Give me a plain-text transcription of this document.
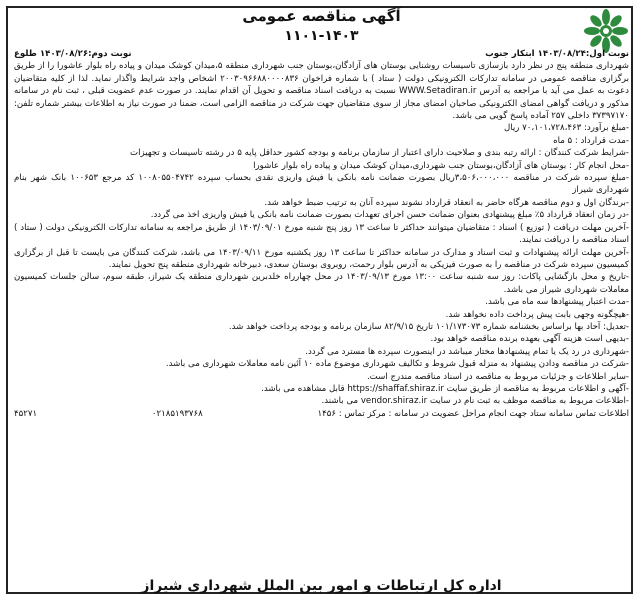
آگهی مناقصه عمومی
۱۱۰۱-۱۴۰۳
نوبت اول:۱۴۰۳/۰۸/۲۴ ابتکار جنوب
نوبت دوم:۱۴۰۳/۰۸/۲۶ طلوع

شهرداری منطقه پنج در نظر دارد بازسازی تاسیسات روشنایی بوستان های آزادگان،بوستان جنب شهرداری منطقه ۵،میدان کوشک میدان و پیاده راه بلوار عاشورا را از طریق برگزاری مناقصه عمومی در سامانه تدارکات الکترونیکی دولت ( ستاد ) با شماره فراخوان ۲۰۰۳۰۹۶۶۸۸۰۰۰۰۸۳۶ اشخاص واجد شرایط واگذار نماید. لذا از کلیه متقاضیان دعوت به عمل می آید با مراجعه به آدرس WWW.Setadiran.ir نسبت به دریافت اسناد مناقصه و تحویل آن اقدام نمایند. در صورت عدم عضویت قبلی ، ثبت نام در سامانه مذکور و دریافت گواهی امضای الکترونیکی صاحبان امضای مجاز از سوی متقاضیان جهت شرکت در مناقصه الزامی است، ضمنا در صورت نیاز به اطلاعات بیشتر شماره تلفن: ۳۷۳۹۷۱۷۰ داخلی ۲۵۷ آماده پاسخ گویی می باشد.

-مبلغ برآورد: ۷۰،۱۰۱،۷۲۸،۴۶۳ ریال

-مدت قرارداد : ۵ ماه

-شرایط شرکت کنندگان : ارائه رتبه بندی و صلاحیت دارای اعتبار از سازمان برنامه و بودجه کشور حداقل پایه ۵ در رشته تاسیسات و تجهیزات

-محل انجام کار : بوستان های آزادگان،بوستان جنب شهرداری،میدان کوشک میدان و پیاده راه بلوار عاشورا

-مبلغ سپرده شرکت در مناقصه ۳،۵۰۶،۰۰۰،۰۰۰ریال بصورت ضمانت نامه بانکی یا فیش واریزی نقدی بحساب سپرده ۱۰۰۸۰۵۵۰۴۷۴۲ کد مرجع ۱۰۰۶۵۳ بانک شهر بنام شهرداری شیراز

-برندگان اول و دوم مناقصه هرگاه حاضر به انعقاد قرارداد نشوند سپرده آنان به ترتیب ضبط خواهد شد.

-در زمان انعقاد قرارداد ۵٪ مبلغ پیشنهادی بعنوان ضمانت حسن اجرای تعهدات بصورت ضمانت نامه بانکی یا فیش واریزی اخذ می گردد.

-آخرین مهلت دریافت ( توزیع ) اسناد : متقاضیان میتوانند حداکثر تا ساعت ۱۳ روز پنج شنبه مورخ ۱۴۰۳/۰۹/۰۱ از طریق مراجعه به سامانه تدارکات الکترونیکی دولت ( ستاد ) اسناد مناقصه را دریافت نمایند.

-آخرین مهلت ارائه پیشنهادات و ثبت اسناد و مدارک در سامانه حداکثر تا ساعت ۱۳ روز یکشنبه مورخ ۱۴۰۳/۰۹/۱۱ می باشد، شرکت کنندگان می بایست تا قبل از برگزاری کمیسیون سپرده شرکت در مناقصه را به صورت فیزیکی به آدرس بلوار رحمت، روبروی بوستان سعدی، دبیرخانه شهرداری منطقه پنج تحویل نمایند.

-تاریخ و محل بازگشایی پاکات: روز سه شنبه ساعت ۱۳:۰۰ مورخ ۱۴۰۳/۰۹/۱۳ در محل چهارراه خلدبرین شهرداری منطقه یک شیراز، طبقه سوم، سالن جلسات کمیسیون معاملات شهرداری شیراز می باشد.

-مدت اعتبار پیشنهادها سه ماه می باشد.

-هیچگونه وجهی بابت پیش پرداخت داده نخواهد شد.

-تعدیل: آحاد بها براساس بخشنامه شماره ۱۰۱/۱۷۳۰۷۳ تاریخ ۸۲/۹/۱۵ سازمان برنامه و بودجه پرداخت خواهد شد.

-بدیهی است هزینه آگهی بعهده برنده مناقصه خواهد بود.

-شهرداری در رد یک یا تمام پیشنهادها مختار میباشد در اینصورت سپرده ها مسترد می گردد.

-شرکت در مناقصه ودادن پیشنهاد به منزله قبول شروط و تکالیف شهرداری موضوع ماده ۱۰ آئین نامه معاملات شهرداری می باشد.

-سایر اطلاعات و جزئیات مربوط به مناقصه در اسناد مناقصه مندرج است.

-آگهی و اطلاعات مربوط به مناقصه از طریق سایت https://shaffaf.shiraz.ir قابل مشاهده می باشد.

-اطلاعات مربوط به مناقصه موظف به ثبت نام در سایت vendor.shiraz.ir می باشند.

اطلاعات تماس سامانه ستاد جهت انجام مراحل عضویت در سامانه : مرکز تماس : ۱۴۵۶
۰۲۱۸۵۱۹۳۷۶۸
۴۵۲۷۱
اداره کل ارتباطات و امور بین الملل شهرداری شیراز
